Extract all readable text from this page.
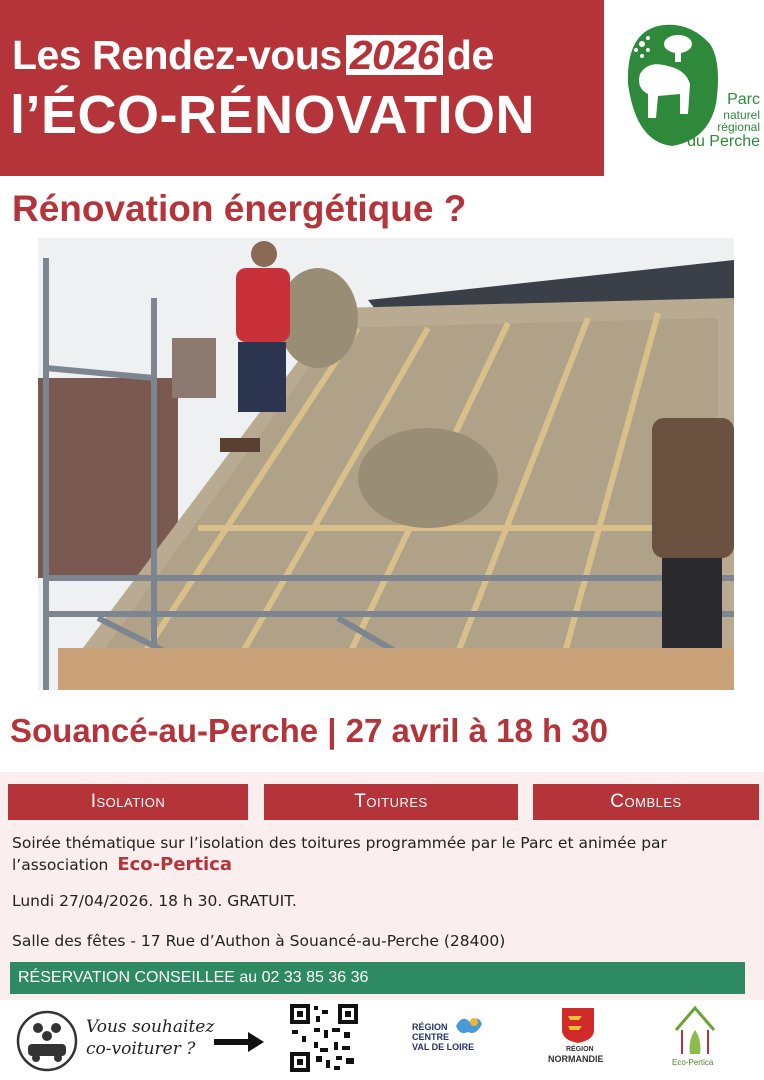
Les Rendez-vous 2026 de
l’ÉCO-RÉNOVATION	Parc
naturel
régional
du Perche
Rénovation énergétique ?
Souancé-au-Perche | 27 avril à 18 h 30
Isolation	Toitures	Combles
Soirée thématique sur l’isolation des toitures programmée par le Parc et animée par l’association Eco-Pertica
Lundi 27/04/2026. 18 h 30. GRATUIT.
Salle des fêtes - 17 Rue d’Authon à Souancé-au-Perche (28400)
RÉSERVATION CONSEILLEE au 02 33 85 36 36
Vous souhaitez
co-voiturer ?
RÉGION
CENTRE
VAL DE LOIRE	RÉGION
NORMANDIE	Eco-Pertica
